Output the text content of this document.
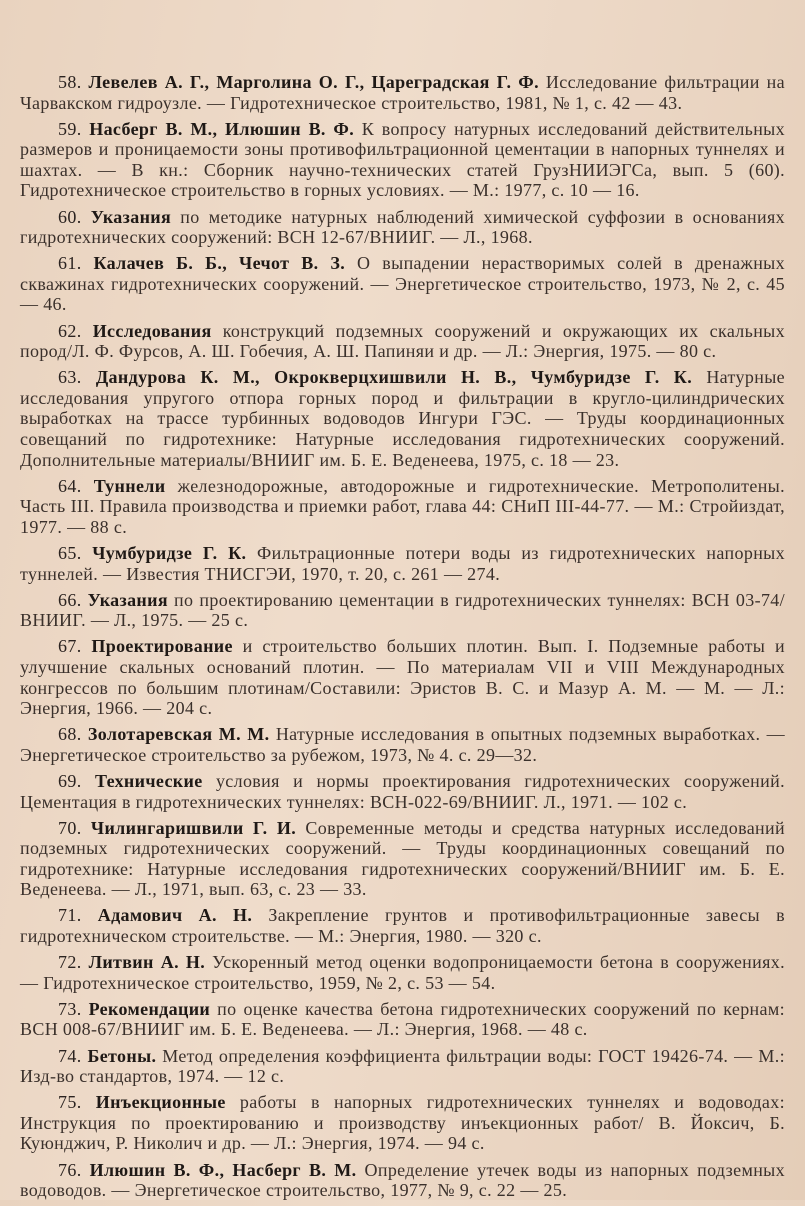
58. Левелев А. Г., Марголина О. Г., Цареградская Г. Ф. Исследование фильтрации на Чарвакском гидроузле. — Гидротехническое строительство, 1981, № 1, с. 42 — 43.

59. Насберг В. М., Илюшин В. Ф. К вопросу натурных исследований действительных размеров и проницаемости зоны противофильтрационной цементации в напорных туннелях и шахтах. — В кн.: Сборник научно-технических статей ГрузНИИЭГСа, вып. 5 (60). Гидротехническое строительство в горных условиях. — М.: 1977, с. 10 — 16.

60. Указания по методике натурных наблюдений химической суффозии в основаниях гидротехнических сооружений: ВСН 12-67/ВНИИГ. — Л., 1968.

61. Калачев Б. Б., Чечот В. З. О выпадении нерастворимых солей в дренажных скважинах гидротехнических сооружений. — Энергетическое строительство, 1973, № 2, с. 45 — 46.

62. Исследования конструкций подземных сооружений и окружающих их скальных пород/Л. Ф. Фурсов, А. Ш. Гобечия, А. Ш. Папиняи и др. — Л.: Энергия, 1975. — 80 с.

63. Дандурова К. М., Окрокверцхишвили Н. В., Чумбуридзе Г. К. Натурные исследования упругого отпора горных пород и фильтрации в кругло-цилиндрических выработках на трассе турбинных водоводов Ингури ГЭС. — Труды координационных совещаний по гидротехнике: Натурные исследования гидротехнических сооружений. Дополнительные материалы/ВНИИГ им. Б. Е. Веденеева, 1975, с. 18 — 23.

64. Туннели железнодорожные, автодорожные и гидротехнические. Метрополитены. Часть III. Правила производства и приемки работ, глава 44: СНиП III-44-77. — М.: Стройиздат, 1977. — 88 с.

65. Чумбуридзе Г. К. Фильтрационные потери воды из гидротехнических напорных туннелей. — Известия ТНИСГЭИ, 1970, т. 20, с. 261 — 274.

66. Указания по проектированию цементации в гидротехнических туннелях: ВСН 03-74/ВНИИГ. — Л., 1975. — 25 с.

67. Проектирование и строительство больших плотин. Вып. I. Подземные работы и улучшение скальных оснований плотин. — По материалам VII и VIII Международных конгрессов по большим плотинам/Составили: Эристов В. С. и Мазур А. М. — М. — Л.: Энергия, 1966. — 204 с.

68. Золотаревская М. М. Натурные исследования в опытных подземных выработках. — Энергетическое строительство за рубежом, 1973, № 4. с. 29—32.

69. Технические условия и нормы проектирования гидротехнических сооружений. Цементация в гидротехнических туннелях: ВСН-022-69/ВНИИГ. Л., 1971. — 102 с.

70. Чилингаришвили Г. И. Современные методы и средства натурных исследований подземных гидротехнических сооружений. — Труды координационных совещаний по гидротехнике: Натурные исследования гидротехнических сооружений/ВНИИГ им. Б. Е. Веденеева. — Л., 1971, вып. 63, с. 23 — 33.

71. Адамович А. Н. Закрепление грунтов и противофильтрационные завесы в гидротехническом строительстве. — М.: Энергия, 1980. — 320 с.

72. Литвин А. Н. Ускоренный метод оценки водопроницаемости бетона в сооружениях. — Гидротехническое строительство, 1959, № 2, с. 53 — 54.

73. Рекомендации по оценке качества бетона гидротехнических сооружений по кернам: ВСН 008-67/ВНИИГ им. Б. Е. Веденеева. — Л.: Энергия, 1968. — 48 с.

74. Бетоны. Метод определения коэффициента фильтрации воды: ГОСТ 19426-74. — М.: Изд-во стандартов, 1974. — 12 с.

75. Инъекционные работы в напорных гидротехнических туннелях и водоводах: Инструкция по проектированию и производству инъекционных работ/ В. Йоксич, Б. Куюнджич, Р. Николич и др. — Л.: Энергия, 1974. — 94 с.

76. Илюшин В. Ф., Насберг В. М. Определение утечек воды из напорных подземных водоводов. — Энергетическое строительство, 1977, № 9, с. 22 — 25.
